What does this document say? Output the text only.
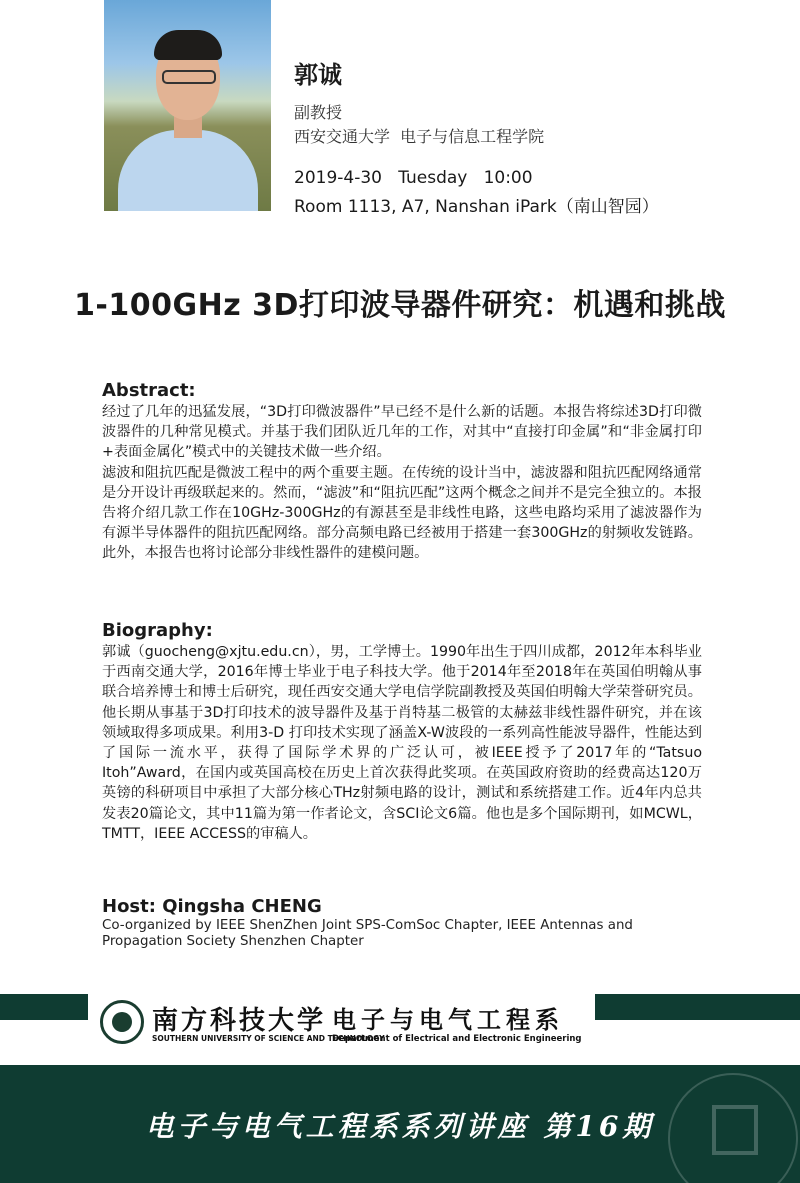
郭诚
副教授
西安交通大学  电子与信息工程学院
2019-4-30   Tuesday   10:00
Room 1113, A7, Nanshan iPark（南山智园）
1-100GHz 3D打印波导器件研究：机遇和挑战
Abstract:

经过了几年的迅猛发展，“3D打印微波器件”早已经不是什么新的话题。本报告将综述3D打印微波器件的几种常见模式。并基于我们团队近几年的工作，对其中“直接打印金属”和“非金属打印+表面金属化”模式中的关键技术做一些介绍。

滤波和阻抗匹配是微波工程中的两个重要主题。在传统的设计当中，滤波器和阻抗匹配网络通常是分开设计再级联起来的。然而，“滤波”和“阻抗匹配”这两个概念之间并不是完全独立的。本报告将介绍几款工作在10GHz-300GHz的有源甚至是非线性电路，这些电路均采用了滤波器作为有源半导体器件的阻抗匹配网络。部分高频电路已经被用于搭建一套300GHz的射频收发链路。此外，本报告也将讨论部分非线性器件的建模问题。

Biography:

郭诚（guocheng@xjtu.edu.cn），男，工学博士。1990年出生于四川成都，2012年本科毕业于西南交通大学，2016年博士毕业于电子科技大学。他于2014年至2018年在英国伯明翰从事联合培养博士和博士后研究，现任西安交通大学电信学院副教授及英国伯明翰大学荣誉研究员。他长期从事基于3D打印技术的波导器件及基于肖特基二极管的太赫兹非线性器件研究，并在该领域取得多项成果。利用3-D 打印技术实现了涵盖X-W波段的一系列高性能波导器件，性能达到了国际一流水平，获得了国际学术界的广泛认可，被IEEE授予了2017年的“Tatsuo Itoh”Award，在国内或英国高校在历史上首次获得此奖项。在英国政府资助的经费高达120万英镑的科研项目中承担了大部分核心THz射频电路的设计，测试和系统搭建工作。近4年内总共发表20篇论文，其中11篇为第一作者论文，含SCI论文6篇。他也是多个国际期刊，如MCWL，TMTT，IEEE ACCESS的审稿人。

Host: Qingsha CHENG

Co-organized by IEEE ShenZhen Joint SPS-ComSoc Chapter, IEEE Antennas and Propagation Society Shenzhen Chapter

南方科技大学
SOUTHERN UNIVERSITY OF SCIENCE AND TECHNOLOGY
电子与电气工程系
Department of Electrical and Electronic Engineering
电子与电气工程系系列讲座 第16期
